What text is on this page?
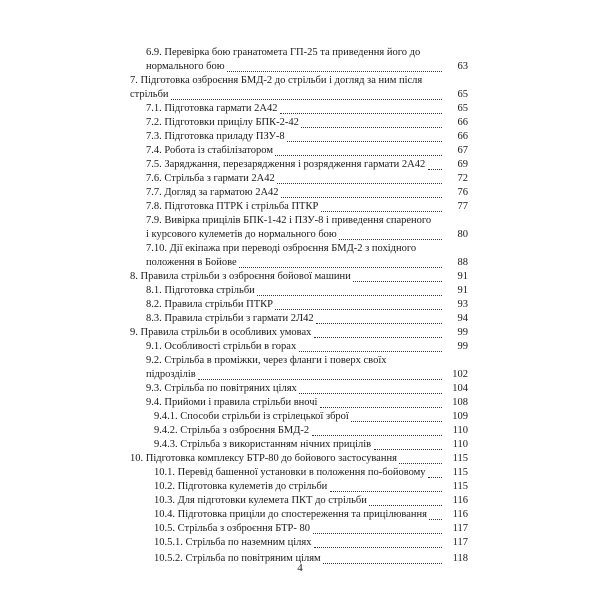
6.9. Перевірка бою гранатомета ГП-25 та приведення його до
нормального бою	63
7. Підготовка озброєння БМД-2 до стрільби і догляд за ним після
стрільби	65
7.1. Підготовка гармати 2А42	65
7.2. Підготовки прицілу БПК-2-42	66
7.3. Підготовка приладу ПЗУ-8	66
7.4. Робота із стабілізатором	67
7.5. Заряджання, перезарядження і розрядження гармати 2А42	69
7.6. Стрільба з гармати 2А42	72
7.7. Догляд за гарматою 2А42	76
7.8. Підготовка ПТРК і стрільба ПТКР	77
7.9. Вивірка прицілів БПК-1-42 і ПЗУ-8 і приведення спареного
і курсового кулеметів до нормального бою	80
7.10. Дії екіпажа при переводі озброєння БМД-2 з похідного
положення в Бойове	88
8. Правила стрільби з озброєння бойової машини	91
8.1. Підготовка стрільби	91
8.2. Правила стрільби ПТКР	93
8.3. Правила стрільби з гармати 2Л42	94
9. Правила стрільби в особливих умовах	99
9.1. Особливості стрільби в горах	99
9.2. Стрільба в проміжки, через фланги і поверх своїх
підрозділів	102
9.3. Стрільба по повітряних цілях	104
9.4. Прийоми і правила стрільби вночі	108
9.4.1. Способи стрільби із стрілецької зброї	109
9.4.2. Стрільба з озброєння БМД-2	110
9.4.3. Стрільба з використанням нічних прицілів	110
10. Підготовка комплексу БТР-80 до бойового застосування	115
10.1. Перевід башенної установки в положення по-бойовому	115
10.2. Підготовка кулеметів до стрільби	115
10.3. Для підготовки кулемета ПКТ до стрільби	116
10.4. Підготовка приціли до спостереження та прицілювання	116
10.5. Стрільба з озброєння БТР- 80	117
10.5.1. Стрільба по наземним цілях	117
10.5.2. Стрільба по повітряним цілям	118
4
